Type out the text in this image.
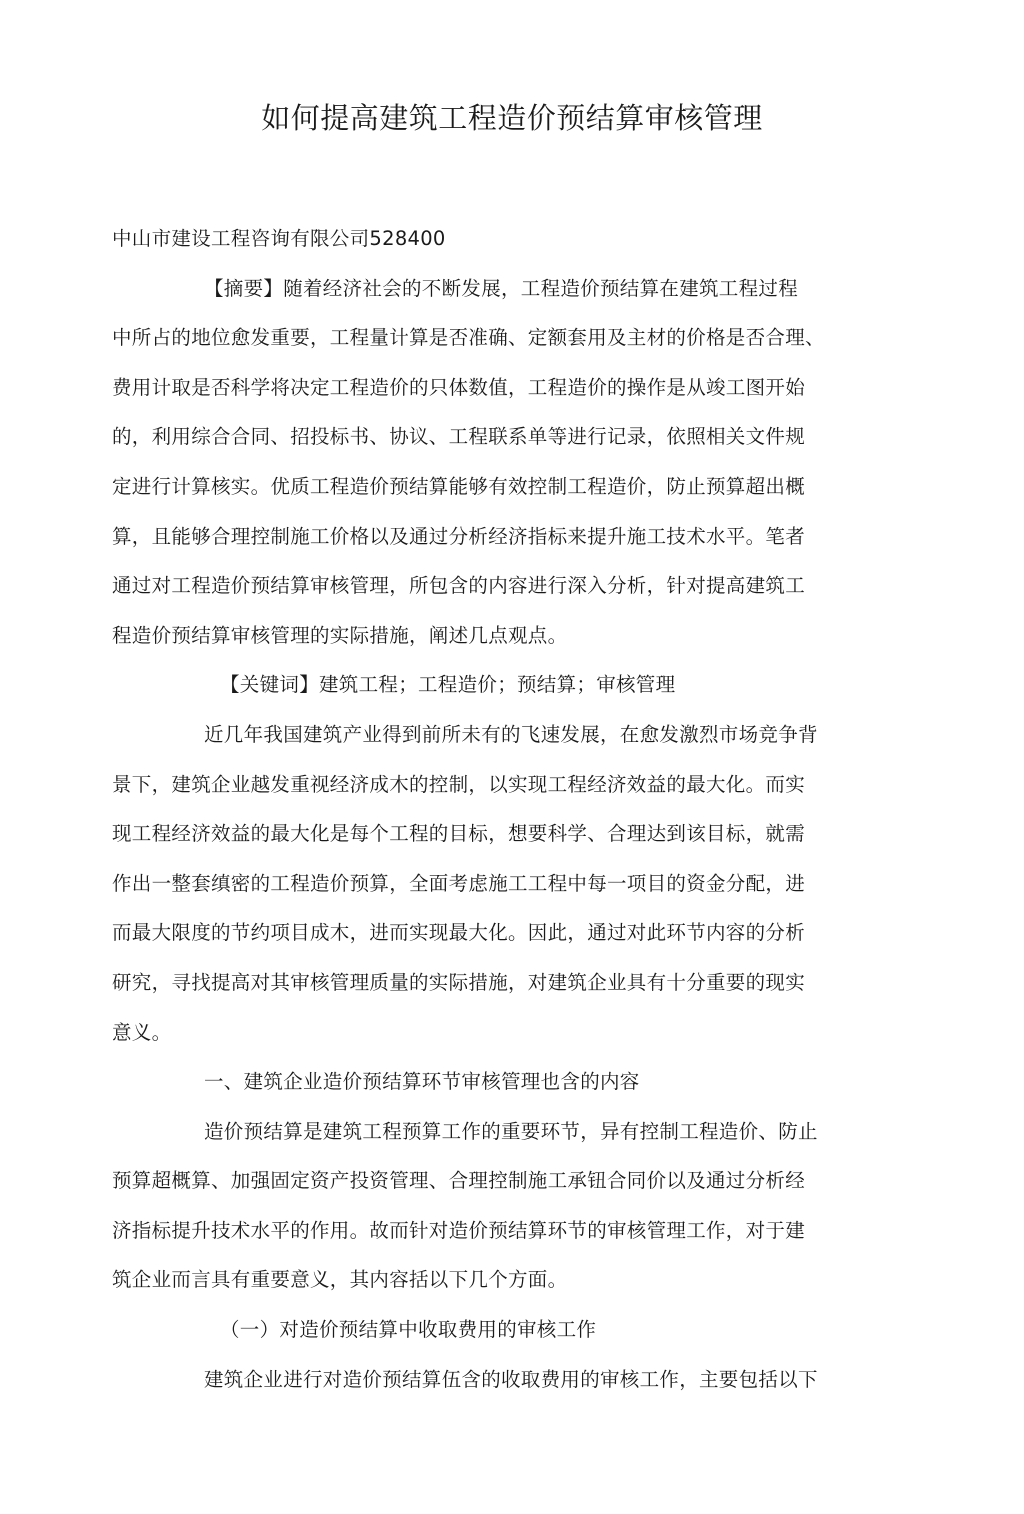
如何提高建筑工程造价预结算审核管理
中山市建设工程咨询有限公司528400
【摘要】随着经济社会的不断发展，工程造价预结算在建筑工程过程
中所占的地位愈发重要，工程量计算是否准确、定额套用及主材的价格是否合理、
费用计取是否科学将决定工程造价的只体数值，工程造价的操作是从竣工图开始
的，利用综合合同、招投标书、协议、工程联系单等进行记录，依照相关文件规
定进行计算核实。优质工程造价预结算能够有效控制工程造价，防止预算超出概
算，且能够合理控制施工价格以及通过分析经济指标来提升施工技术水平。笔者
通过对工程造价预结算审核管理，所包含的内容进行深入分析，针对提高建筑工
程造价预结算审核管理的实际措施，阐述几点观点。
【关键词】建筑工程；工程造价；预结算；审核管理
近几年我国建筑产业得到前所未有的飞速发展，在愈发激烈市场竞争背
景下，建筑企业越发重视经济成木的控制，以实现工程经济效益的最大化。而实
现工程经济效益的最大化是每个工程的目标，想要科学、合理达到该目标，就需
作出一整套缜密的工程造价预算，全面考虑施工工程中每一项目的资金分配，进
而最大限度的节约项目成木，进而实现最大化。因此，通过对此环节内容的分析
研究，寻找提高对其审核管理质量的实际措施，对建筑企业具有十分重要的现实
意义。
一、建筑企业造价预结算环节审核管理也含的内容
造价预结算是建筑工程预算工作的重要环节，异有控制工程造价、防止
预算超概算、加强固定资产投资管理、合理控制施工承钮合同价以及通过分析经
济指标提升技术水平的作用。故而针对造价预结算环节的审核管理工作，对于建
筑企业而言具有重要意义，其内容括以下几个方面。
（一）对造价预结算中收取费用的审核工作
建筑企业进行对造价预结算伍含的收取费用的审核工作，主要包括以下
